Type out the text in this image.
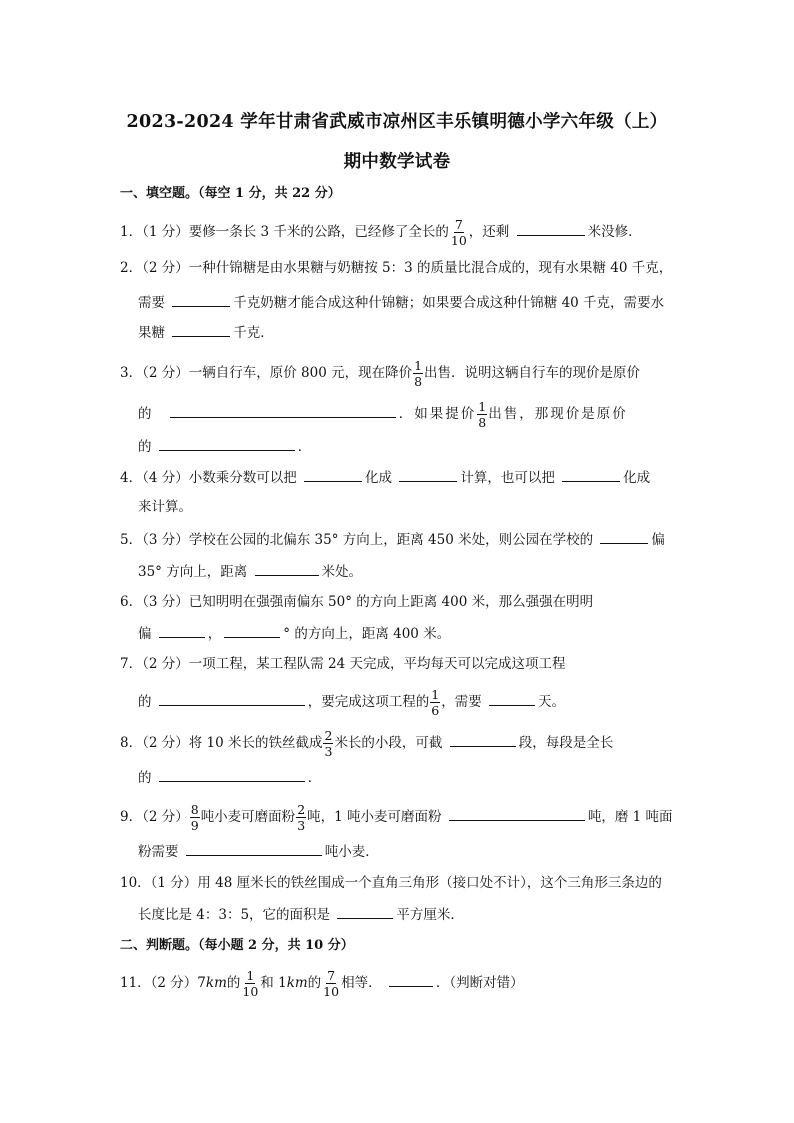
2023-2024 学年甘肃省武威市凉州区丰乐镇明德小学六年级（上）
期中数学试卷
一、填空题。（每空 1 分，共 22 分）
1．（1 分）要修一条长 3 千米的公路，已经修了全长的 $\frac{7}{10}$ ，还剩	米没修．
2．（2 分）一种什锦糖是由水果糖与奶糖按 5：3 的质量比混合成的，现有水果糖 40 千克，
需要	千克奶糖才能合成这种什锦糖；如果要合成这种什锦糖 40 千克，需要水
果糖	千克．
3．（2 分）一辆自行车，原价 800 元，现在降价 $\frac{1}{8}$ 出售．说明这辆自行车的现价是原价
的	．如果提价 $\frac{1}{8}$ 出售，那现价是原价
的	．
4．（4 分）小数乘分数可以把	化成	计算，也可以把	化成
来计算。
5．（3 分）学校在公园的北偏东 35° 方向上，距离 450 米处，则公园在学校的	偏
35° 方向上，距离	米处。
6．（3 分）已知明明在强强南偏东 50° 的方向上距离 400 米，那么强强在明明
偏	，	° 的方向上，距离 400 米。
7．（2 分）一项工程，某工程队需 24 天完成，平均每天可以完成这项工程
的	，要完成这项工程的 $\frac{1}{6}$ ，需要	天。
8．（2 分）将 10 米长的铁丝截成 $\frac{2}{3}$ 米长的小段，可截	段，每段是全长
的	．
9．（2 分） $\frac{8}{9}$ 吨小麦可磨面粉 $\frac{2}{3}$ 吨，1 吨小麦可磨面粉	吨，磨 1 吨面
粉需要	吨小麦．
10．（1 分）用 48 厘米长的铁丝围成一个直角三角形（接口处不计），这个三角形三条边的
长度比是 4：3：5，它的面积是	平方厘米．
二、判断题。（每小题 2 分，共 10 分）
11．（2 分）7km的 $\frac{1}{10}$ 和 1km的 $\frac{7}{10}$ 相等．	．（判断对错）
